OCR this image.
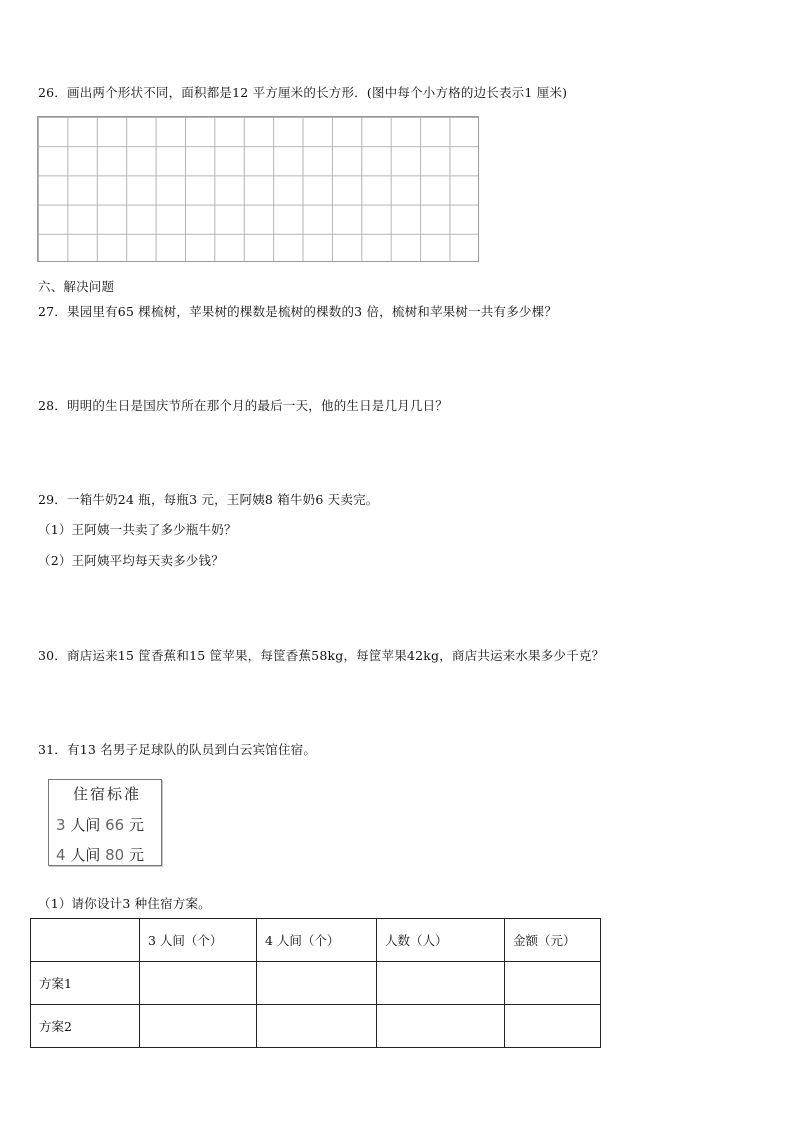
26．画出两个形状不同，面积都是12 平方厘米的长方形．(图中每个小方格的边长表示1 厘米)
六、解决问题
27．果园里有65 棵梳树，苹果树的棵数是梳树的棵数的3 倍，梳树和苹果树一共有多少棵？
28．明明的生日是国庆节所在那个月的最后一天，他的生日是几月几日？
29．一箱牛奶24 瓶，每瓶3 元，王阿姨8 箱牛奶6 天卖完。
（1）王阿姨一共卖了多少瓶牛奶？
（2）王阿姨平均每天卖多少钱？
30．商店运来15 筐香蕉和15 筐苹果，每筐香蕉58kg，每筐苹果42kg，商店共运来水果多少千克？
31．有13 名男子足球队的队员到白云宾馆住宿。
住宿标准
3 人间 66 元
4 人间 80 元
（1）请你设计3 种住宿方案。
	3 人间（个）	4 人间（个）	人数（人）	金额（元）
方案1				
方案2				
